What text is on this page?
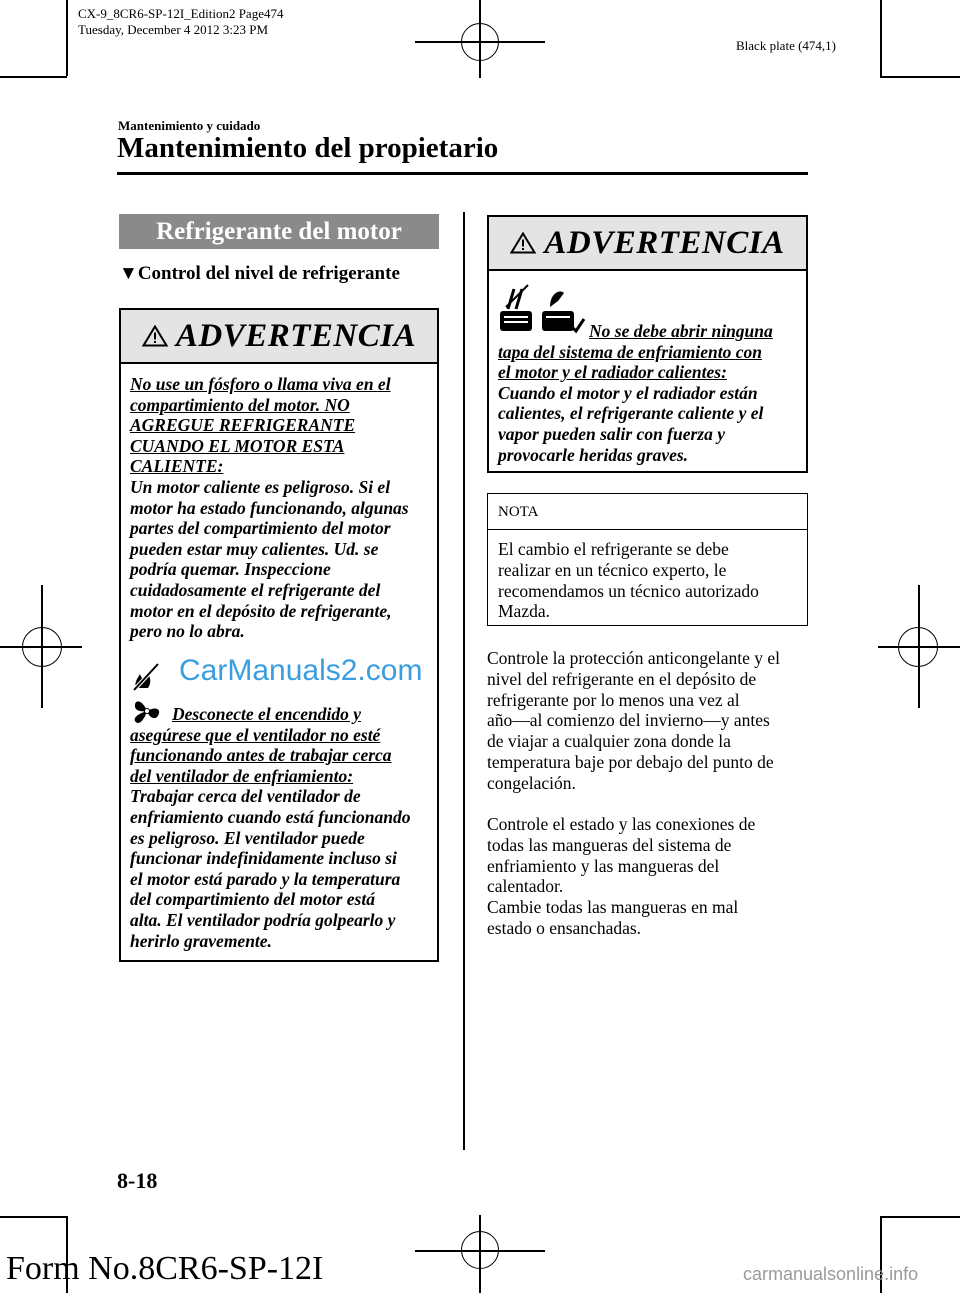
CX-9_8CR6-SP-12I_Edition2 Page474
Tuesday, December 4 2012 3:23 PM
Black plate (474,1)
Mantenimiento y cuidado
Mantenimiento del propietario
Refrigerante del motor
▼Control del nivel de refrigerante
ADVERTENCIA

No use un fósforo o llama viva en el

compartimiento del motor. NO

AGREGUE REFRIGERANTE

CUANDO EL MOTOR ESTA

CALIENTE:

Un motor caliente es peligroso. Si el

motor ha estado funcionando, algunas

partes del compartimiento del motor

pueden estar muy calientes. Ud. se

podría quemar. Inspeccione

cuidadosamente el refrigerante del

motor en el depósito de refrigerante,

pero no lo abra.

CarManuals2.com

Desconecte el encendido y

asegúrese que el ventilador no esté

funcionando antes de trabajar cerca

del ventilador de enfriamiento:

Trabajar cerca del ventilador de

enfriamiento cuando está funcionando

es peligroso. El ventilador puede

funcionar indefinidamente incluso si

el motor está parado y la temperatura

del compartimiento del motor está

alta. El ventilador podría golpearlo y

herirlo gravemente.

ADVERTENCIA

No se debe abrir ninguna

tapa del sistema de enfriamiento con

el motor y el radiador calientes:

Cuando el motor y el radiador están

calientes, el refrigerante caliente y el

vapor pueden salir con fuerza y

provocarle heridas graves.

NOTA
El cambio el refrigerante se debe
realizar en un técnico experto, le
recomendamos un técnico autorizado
Mazda.

Controle la protección anticongelante y el

nivel del refrigerante en el depósito de

refrigerante por lo menos una vez al

año―al comienzo del invierno―y antes

de viajar a cualquier zona donde la

temperatura baje por debajo del punto de

congelación.

Controle el estado y las conexiones de

todas las mangueras del sistema de

enfriamiento y las mangueras del

calentador.

Cambie todas las mangueras en mal

estado o ensanchadas.

8-18
Form No.8CR6-SP-12I	carmanualsonline.info
